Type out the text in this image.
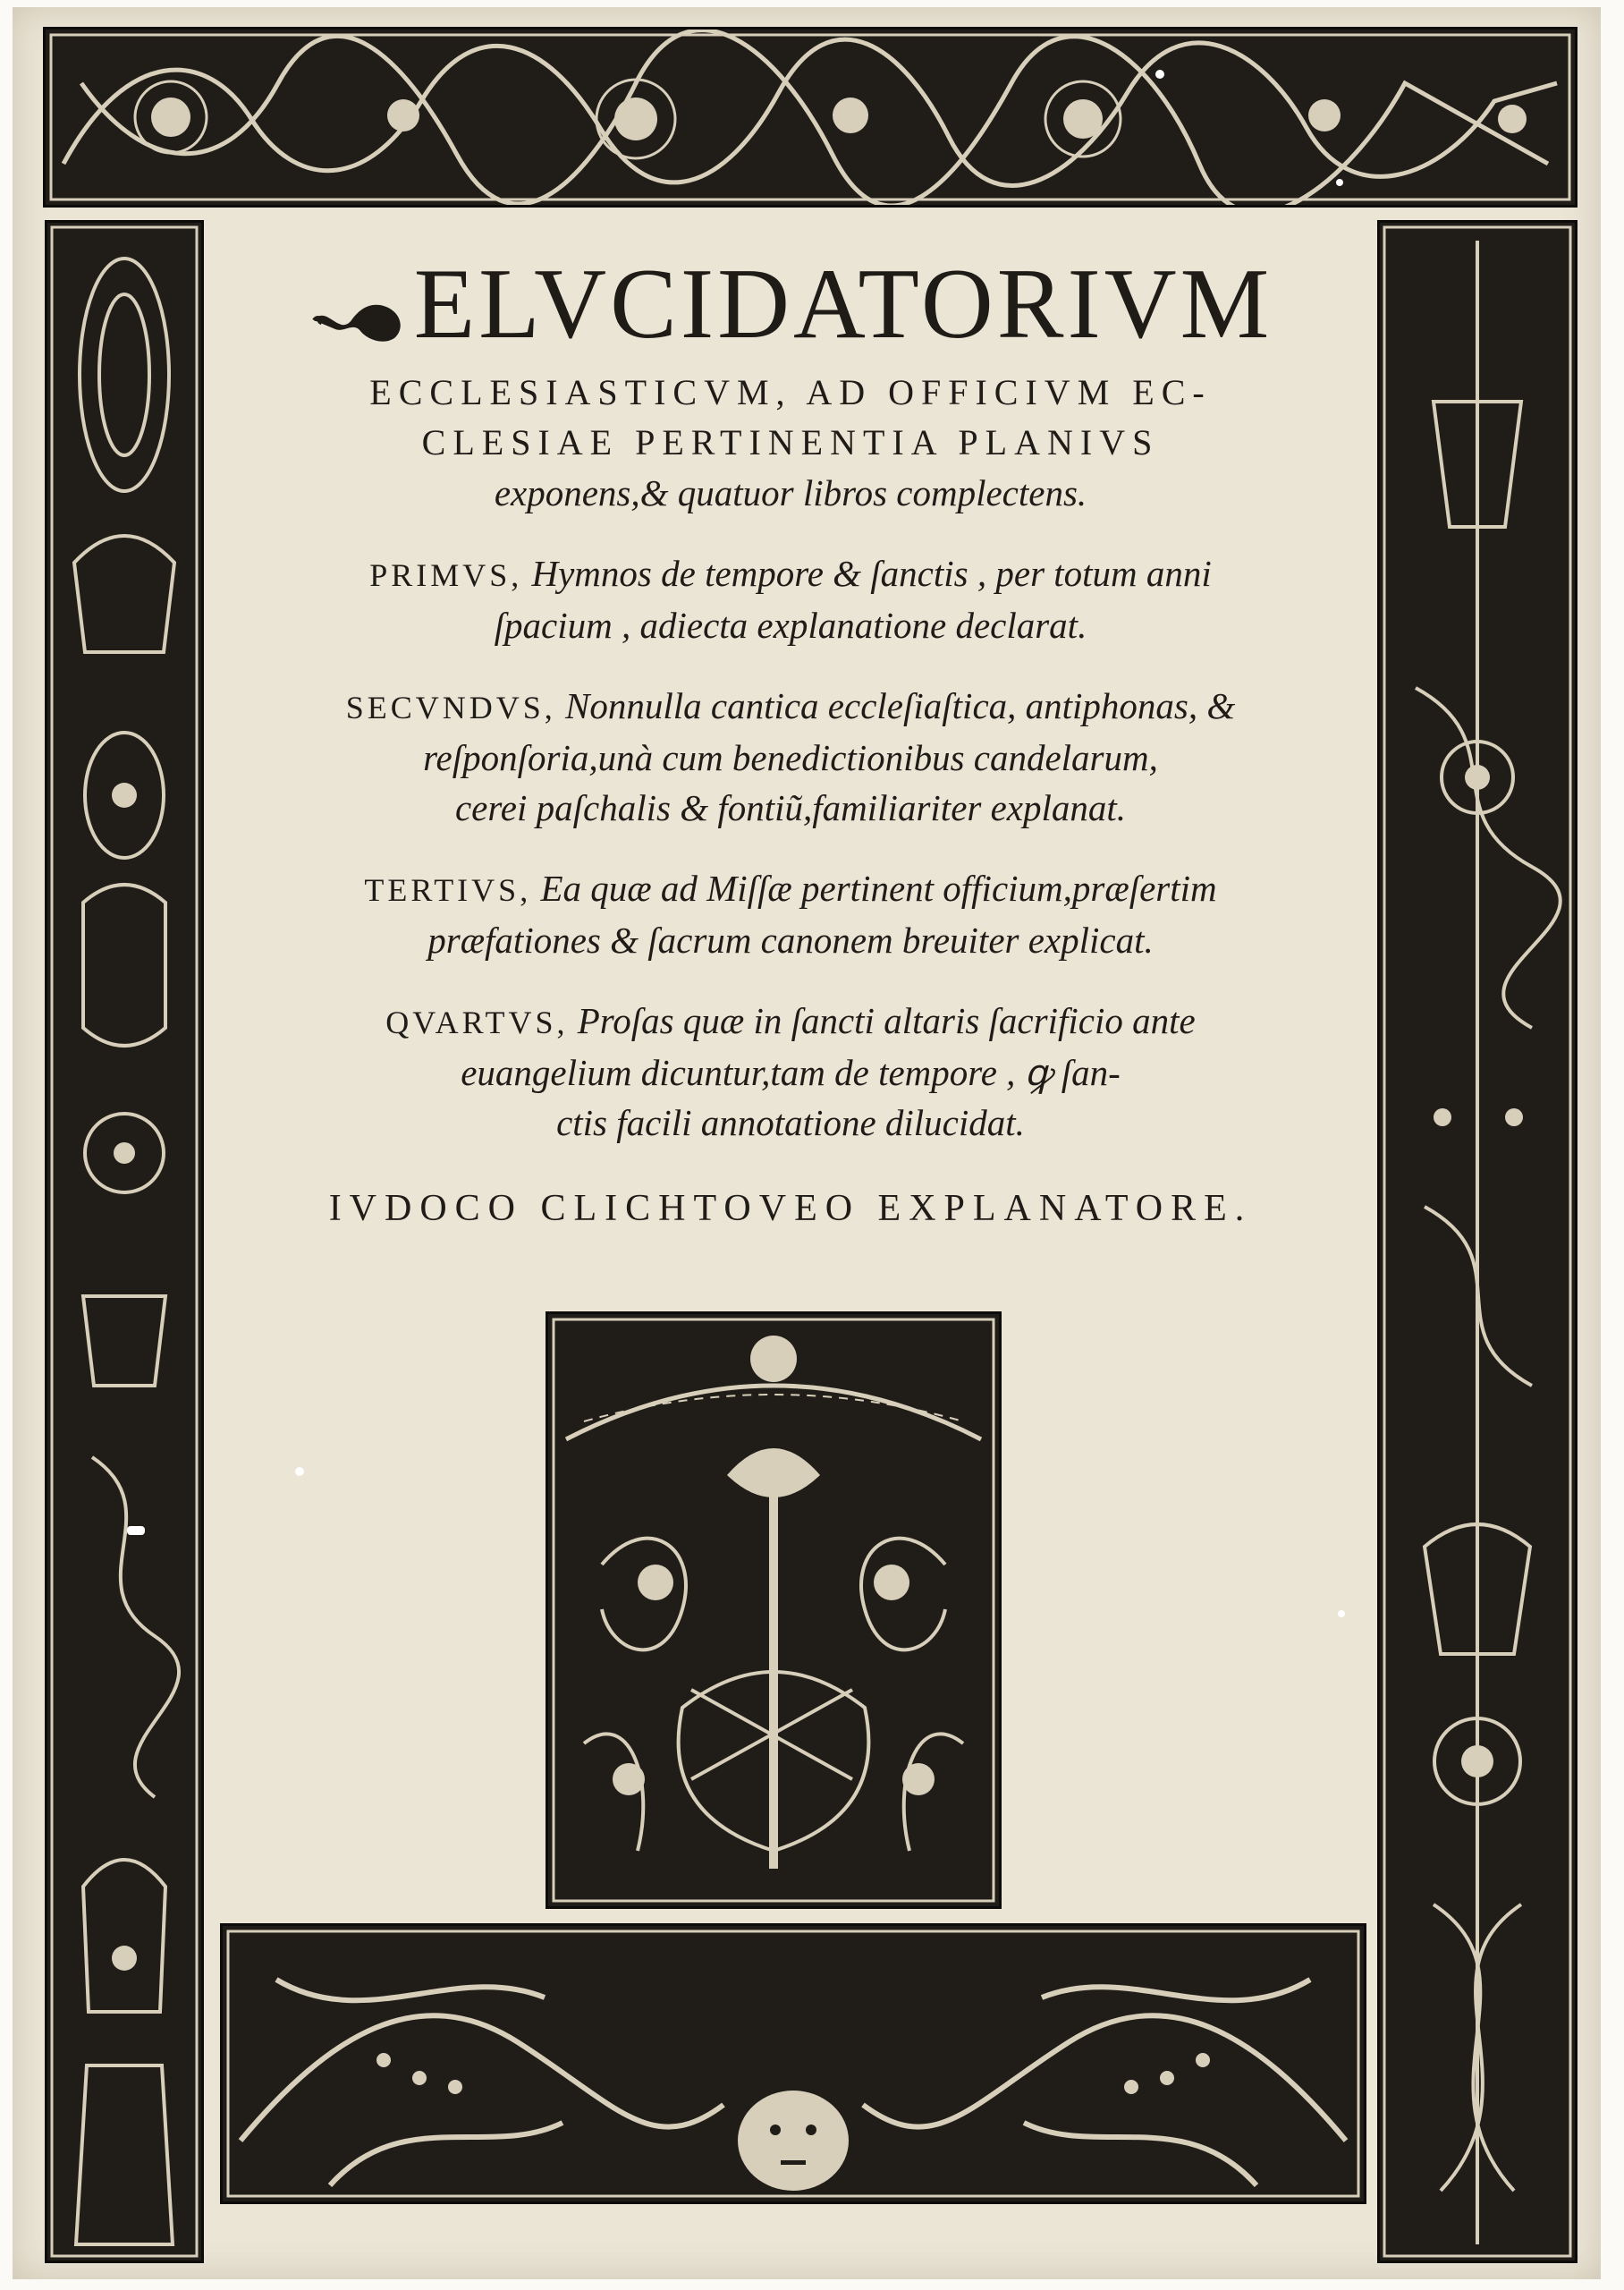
ELVCIDATORIVM
ECCLESIASTICVM, AD OFFICIVM EC-
CLESIAE PERTINENTIA PLANIVS
exponens,& quatuor libros complectens.
PRIMVS, Hymnos de tempore & ſanctis , per totum anni
ſpacium , adiecta explanatione declarat.
SECVNDVS, Nonnulla cantica eccleſiaſtica, antiphonas, &
reſponſoria,unà cum benedictionibus candelarum,
cerei paſchalis & fontiũ,familiariter explanat.
TERTIVS, Ea quæ ad Miſſæ pertinent officium,præſertim
præfationes & ſacrum canonem breuiter explicat.
QVARTVS, Proſas quæ in ſancti altaris ſacrificio ante
euangelium dicuntur,tam de tempore , ꝙ ſan-
ctis facili annotatione dilucidat.
IVDOCO CLICHTOVEO EXPLANATORE.
